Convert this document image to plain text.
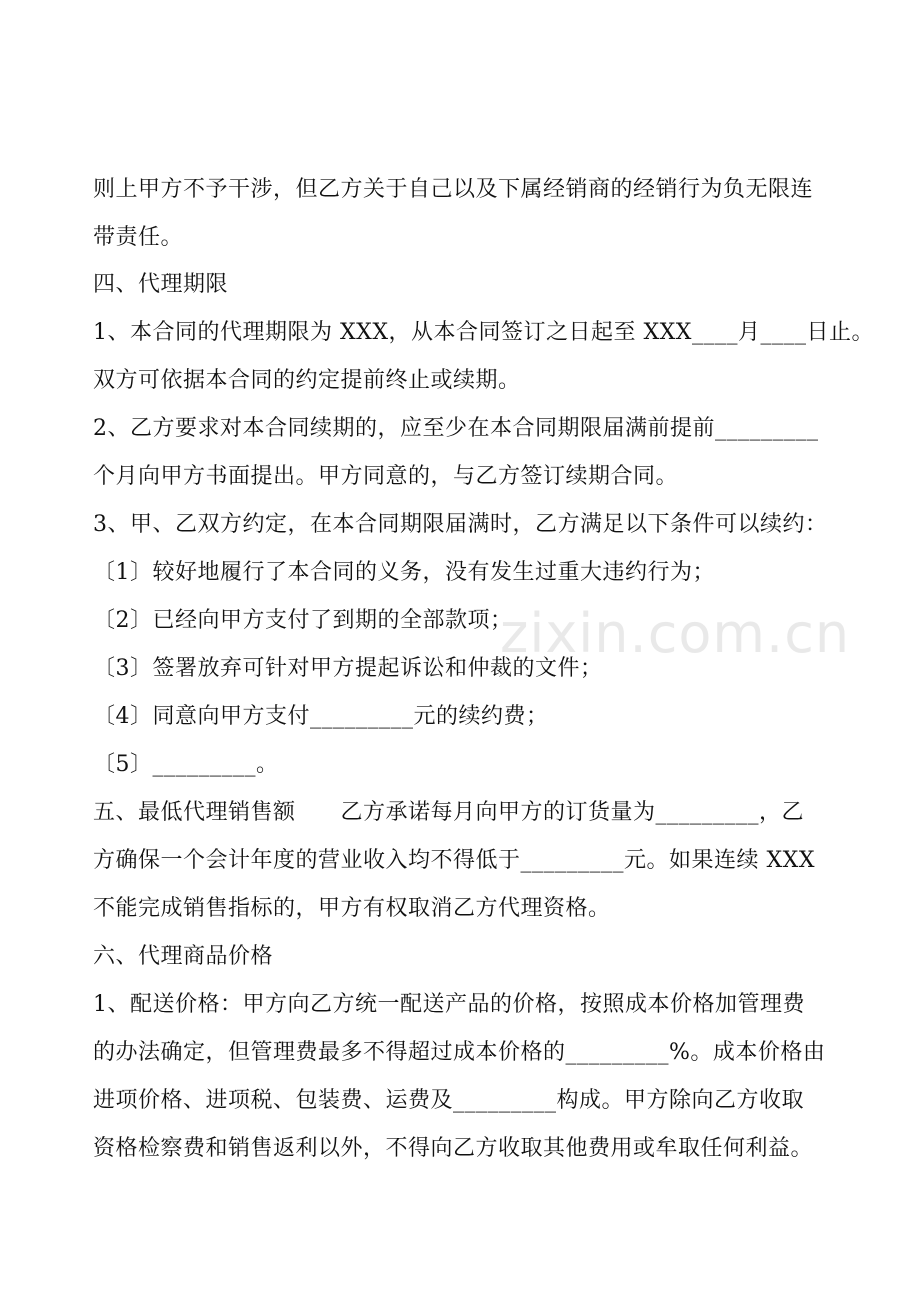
则上甲方不予干涉，但乙方关于自己以及下属经销商的经销行为负无限连
带责任。
四、代理期限
1、本合同的代理期限为 XXX，从本合同签订之日起至 XXX____月____日止。
双方可依据本合同的约定提前终止或续期。
2、乙方要求对本合同续期的，应至少在本合同期限届满前提前_________
个月向甲方书面提出。甲方同意的，与乙方签订续期合同。
3、甲、乙双方约定，在本合同期限届满时，乙方满足以下条件可以续约：
〔1〕较好地履行了本合同的义务，没有发生过重大违约行为；
〔2〕已经向甲方支付了到期的全部款项；
〔3〕签署放弃可针对甲方提起诉讼和仲裁的文件；
〔4〕同意向甲方支付_________元的续约费；
〔5〕_________。
五、最低代理销售额　　乙方承诺每月向甲方的订货量为_________，乙
方确保一个会计年度的营业收入均不得低于_________元。如果连续 XXX
不能完成销售指标的，甲方有权取消乙方代理资格。
六、代理商品价格
1、配送价格：甲方向乙方统一配送产品的价格，按照成本价格加管理费
的办法确定，但管理费最多不得超过成本价格的_________%。成本价格由
进项价格、进项税、包装费、运费及_________构成。甲方除向乙方收取
资格检察费和销售返利以外，不得向乙方收取其他费用或牟取任何利益。
zixin.com.cn
